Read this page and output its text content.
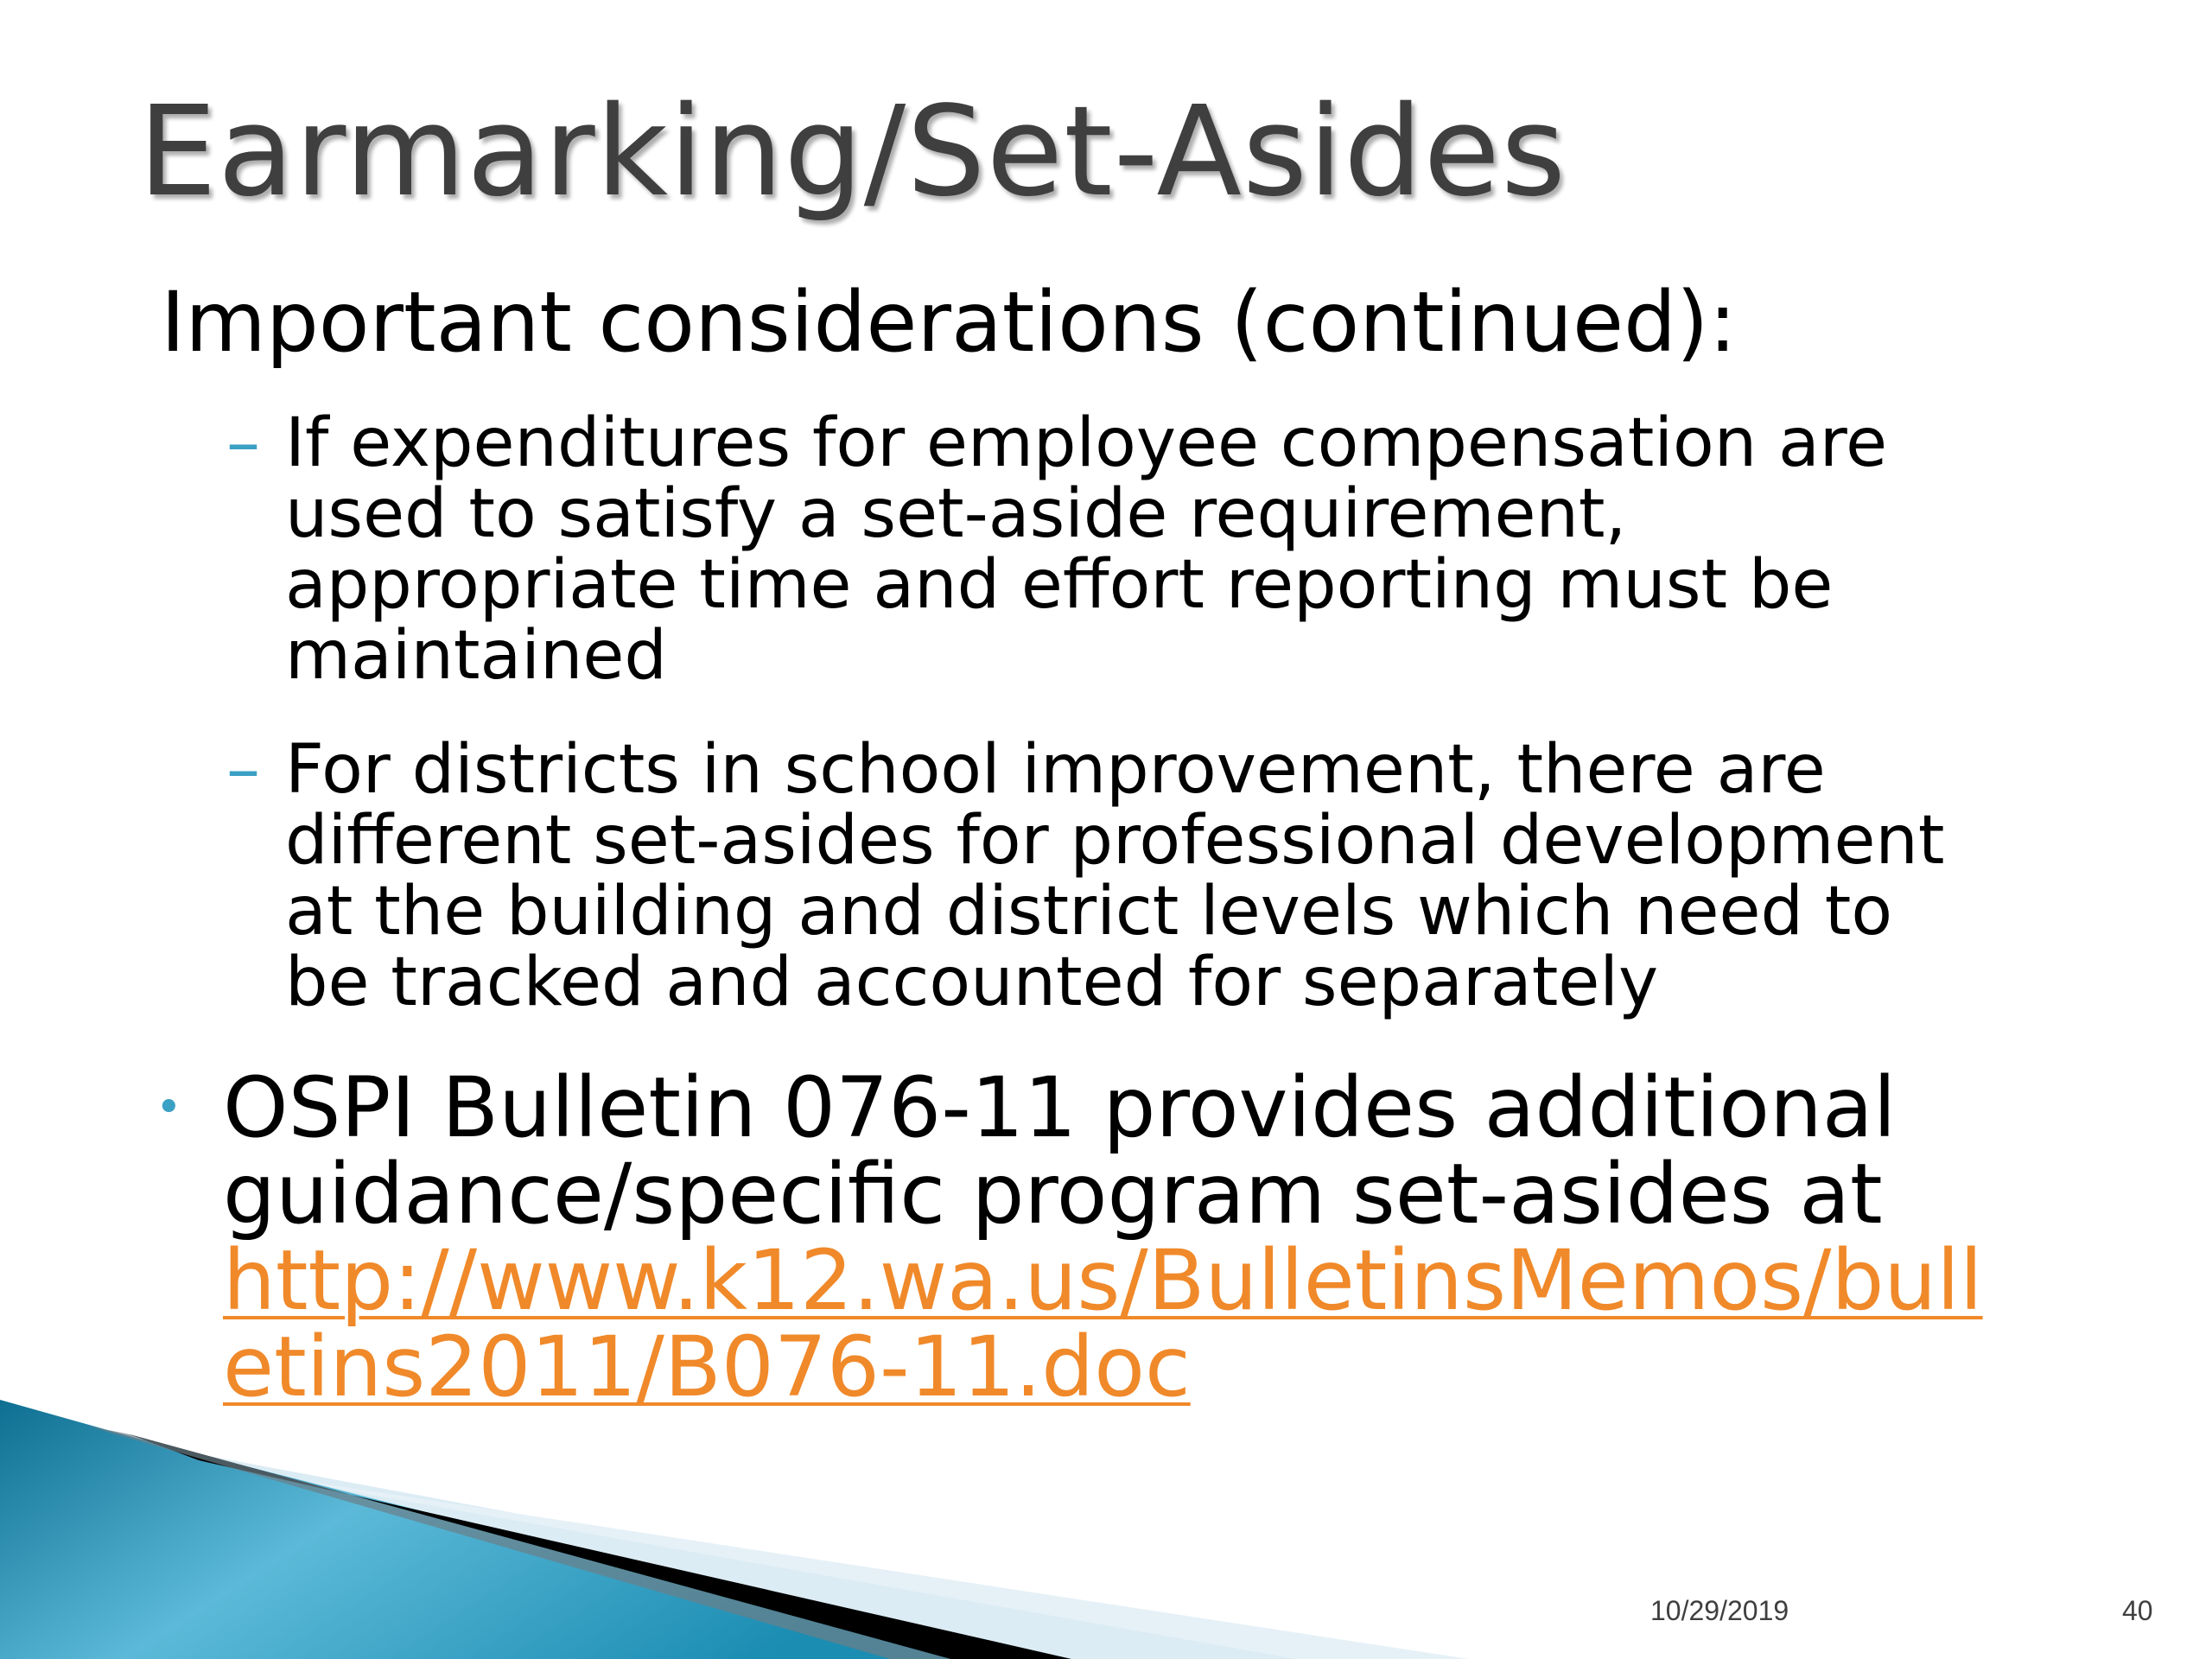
Earmarking/Set-Asides
Important considerations (continued):
– If expenditures for employee compensation are
used to satisfy a set-aside requirement,
appropriate time and effort reporting must be
maintained
– For districts in school improvement, there are
different set-asides for professional development
at the building and district levels which need to
be tracked and accounted for separately
• OSPI Bulletin 076-11 provides additional
guidance/specific program set-asides at
http://www.k12.wa.us/BulletinsMemos/bull
etins2011/B076-11.doc
10/29/2019	40
